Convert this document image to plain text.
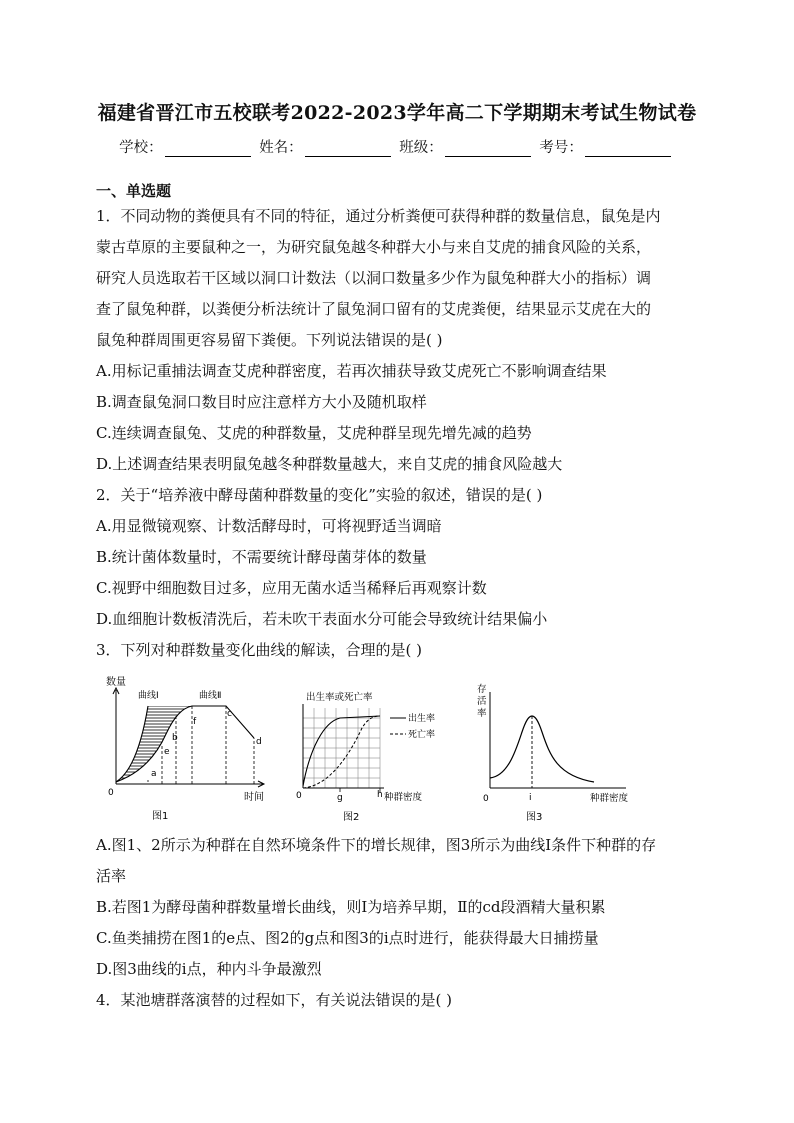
福建省晋江市五校联考2022-2023学年高二下学期期末考试生物试卷
学校：	姓名：	班级：	考号：
一、单选题
1．不同动物的粪便具有不同的特征，通过分析粪便可获得种群的数量信息，鼠兔是内
蒙古草原的主要鼠种之一，为研究鼠兔越冬种群大小与来自艾虎的捕食风险的关系，
研究人员选取若干区域以洞口计数法（以洞口数量多少作为鼠兔种群大小的指标）调
查了鼠兔种群，以粪便分析法统计了鼠兔洞口留有的艾虎粪便，结果显示艾虎在大的
鼠兔种群周围更容易留下粪便。下列说法错误的是( )
A.用标记重捕法调查艾虎种群密度，若再次捕获导致艾虎死亡不影响调查结果
B.调查鼠兔洞口数目时应注意样方大小及随机取样
C.连续调查鼠兔、艾虎的种群数量，艾虎种群呈现先增先减的趋势
D.上述调查结果表明鼠兔越冬种群数量越大，来自艾虎的捕食风险越大
2．关于“培养液中酵母菌种群数量的变化”实验的叙述，错误的是( )
A.用显微镜观察、计数活酵母时，可将视野适当调暗
B.统计菌体数量时，不需要统计酵母菌芽体的数量
C.视野中细胞数目过多，应用无菌水适当稀释后再观察计数
D.血细胞计数板清洗后，若未吹干表面水分可能会导致统计结果偏小
3．下列对种群数量变化曲线的解读，合理的是( )
数量
曲线Ⅰ	曲线Ⅱ
a
b
e
f
c
d
0	时间
图1
出生率或死亡率
出生率
死亡率
0	g	h 种群密度
图2
存
活
率
0	i	种群密度
图3
A.图1、2所示为种群在自然环境条件下的增长规律，图3所示为曲线Ⅰ条件下种群的存
活率
B.若图1为酵母菌种群数量增长曲线，则Ⅰ为培养早期，Ⅱ的cd段酒精大量积累
C.鱼类捕捞在图1的e点、图2的g点和图3的i点时进行，能获得最大日捕捞量
D.图3曲线的i点，种内斗争最激烈
4．某池塘群落演替的过程如下，有关说法错误的是( )
